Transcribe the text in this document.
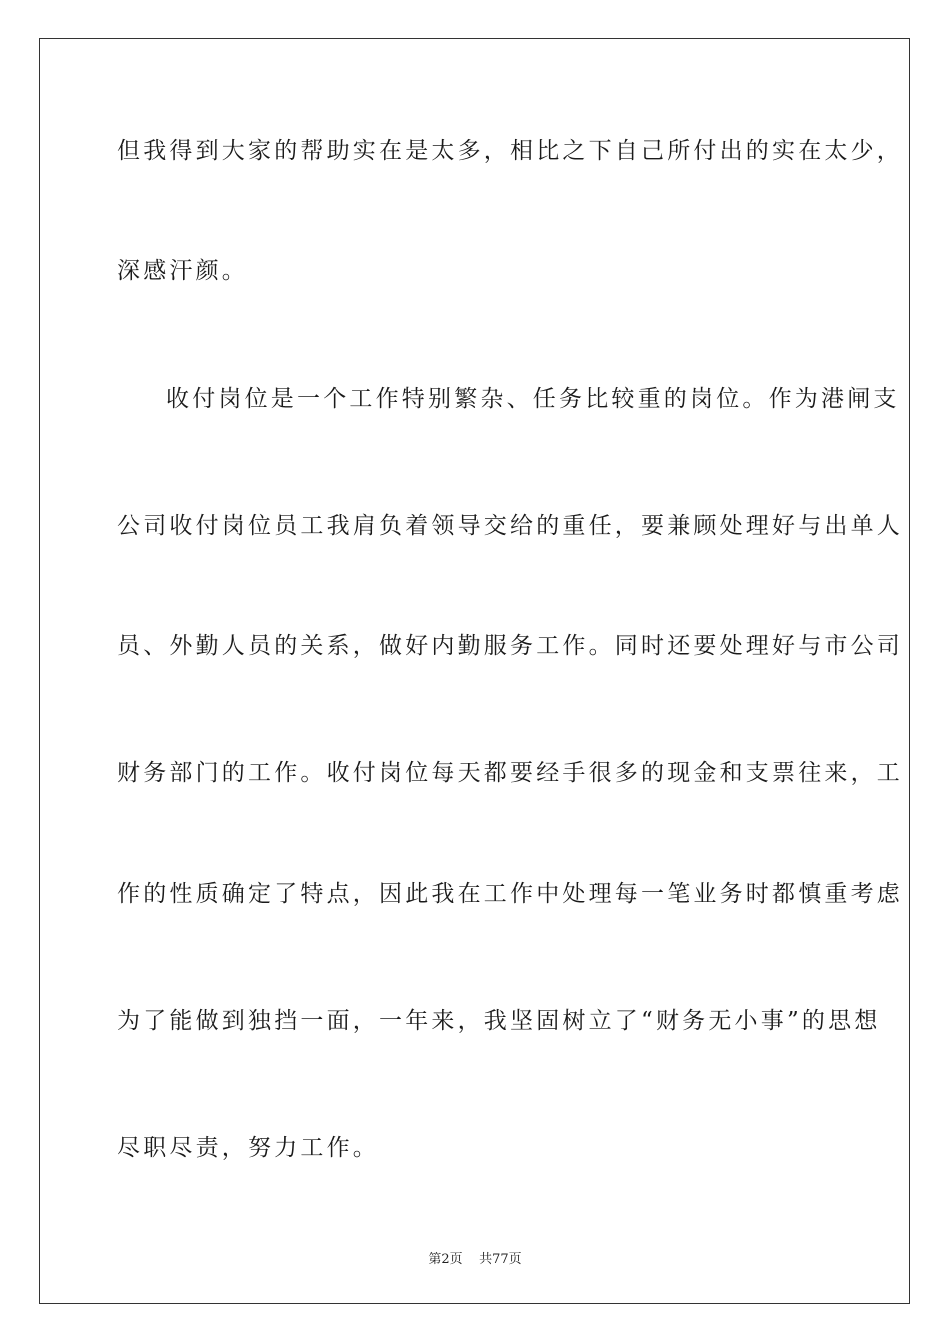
但我得到大家的帮助实在是太多，相比之下自己所付出的实在太少，
深感汗颜。
收付岗位是一个工作特别繁杂、任务比较重的岗位。作为港闸支
公司收付岗位员工我肩负着领导交给的重任，要兼顾处理好与出单人
员、外勤人员的关系，做好内勤服务工作。同时还要处理好与市公司
财务部门的工作。收付岗位每天都要经手很多的现金和支票往来，工
作的性质确定了特点，因此我在工作中处理每一笔业务时都慎重考虑
为了能做到独挡一面，一年来，我坚固树立了“财务无小事”的思想
尽职尽责，努力工作。
第2页 共77页
